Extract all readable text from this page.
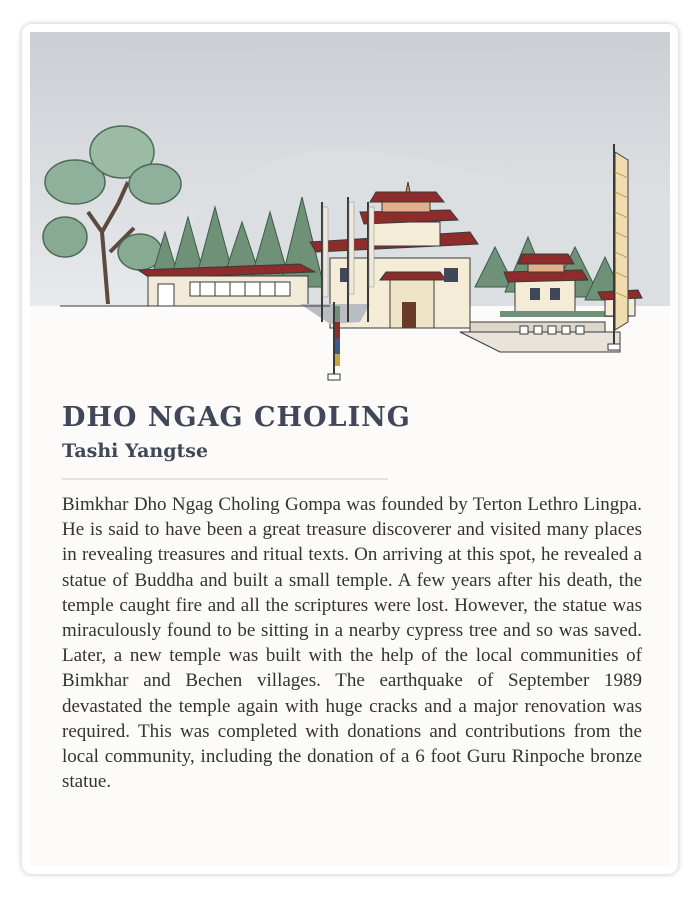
DHO NGAG CHOLING
Tashi Yangtse

Bimkhar Dho Ngag Choling Gompa was founded by Terton Lethro Lingpa. He is said to have been a great treasure discoverer and visited many places in revealing treasures and ritual texts. On arriving at this spot, he revealed a statue of Buddha and built a small temple. A few years after his death, the temple caught fire and all the scriptures were lost. However, the statue was miraculously found to be sitting in a nearby cypress tree and so was saved. Later, a new temple was built with the help of the local communities of Bimkhar and Bechen villages. The earthquake of September 1989 devastated the temple again with huge cracks and a major renovation was required. This was completed with donations and contributions from the local community, including the donation of a 6 foot Guru Rinpoche bronze statue.
